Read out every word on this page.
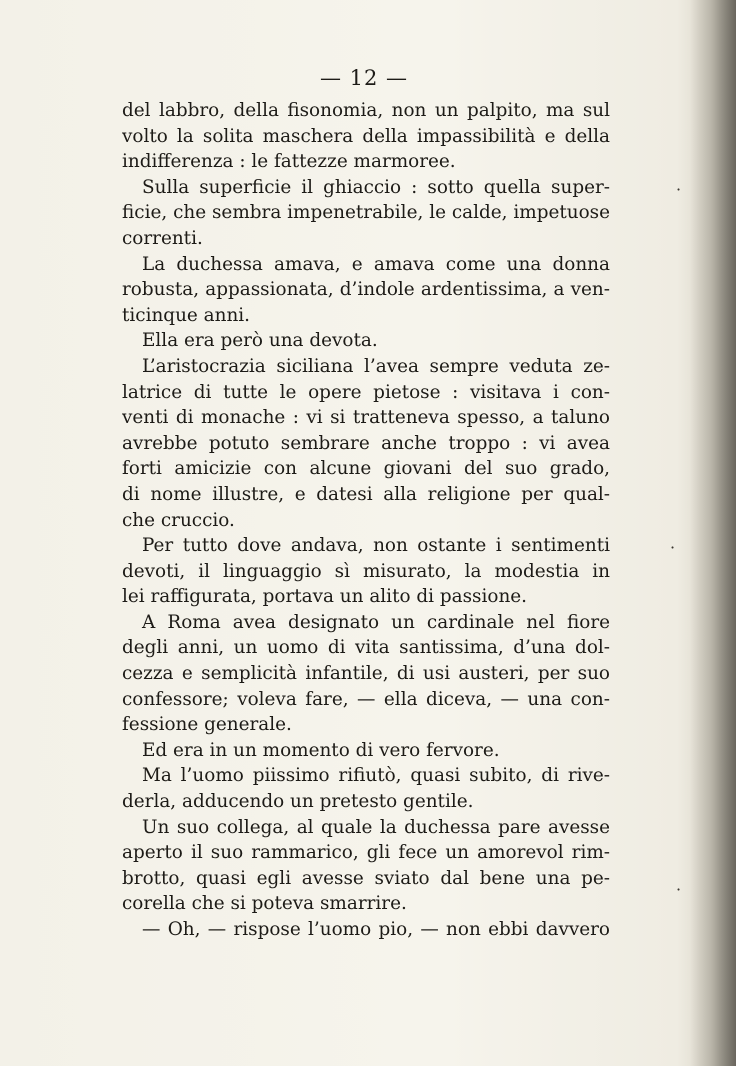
·
·
·
— 12 —
del labbro, della fisonomia, non un palpito, ma sul
volto la solita maschera della impassibilità e della
indifferenza : le fattezze marmoree.
Sulla superficie il ghiaccio : sotto quella super-
ficie, che sembra impenetrabile, le calde, impetuose
correnti.
La duchessa amava, e amava come una donna
robusta, appassionata, d’indole ardentissima, a ven-
ticinque anni.
Ella era però una devota.
L’aristocrazia siciliana l’avea sempre veduta ze-
latrice di tutte le opere pietose : visitava i con-
venti di monache : vi si tratteneva spesso, a taluno
avrebbe potuto sembrare anche troppo : vi avea
forti amicizie con alcune giovani del suo grado,
di nome illustre, e datesi alla religione per qual-
che cruccio.
Per tutto dove andava, non ostante i sentimenti
devoti, il linguaggio sì misurato, la modestia in
lei raffigurata, portava un alito di passione.
A Roma avea designato un cardinale nel fiore
degli anni, un uomo di vita santissima, d’una dol-
cezza e semplicità infantile, di usi austeri, per suo
confessore; voleva fare, — ella diceva, — una con-
fessione generale.
Ed era in un momento di vero fervore.
Ma l’uomo piissimo rifiutò, quasi subito, di rive-
derla, adducendo un pretesto gentile.
Un suo collega, al quale la duchessa pare avesse
aperto il suo rammarico, gli fece un amorevol rim-
brotto, quasi egli avesse sviato dal bene una pe-
corella che si poteva smarrire.
— Oh, — rispose l’uomo pio, — non ebbi davvero
